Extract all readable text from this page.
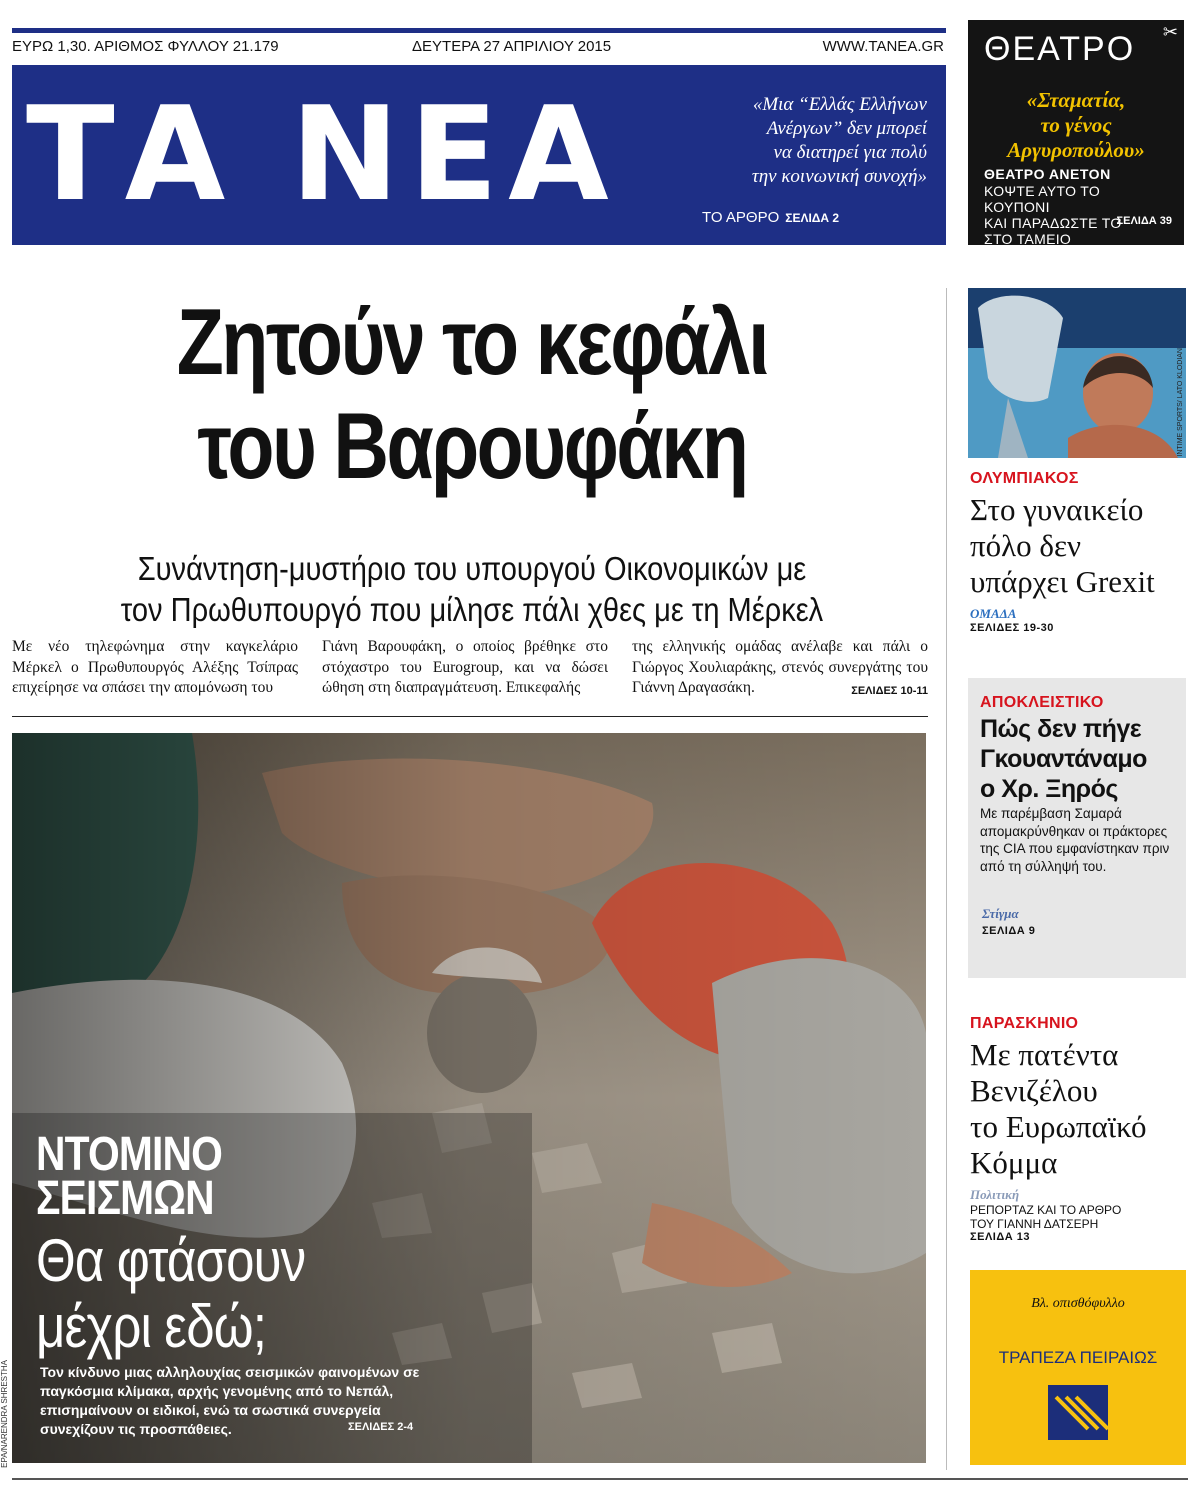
ΕΥΡΩ 1,30. ΑΡΙΘΜΟΣ ΦΥΛΛΟΥ 21.179	ΔΕΥΤΕΡΑ 27 ΑΠΡΙΛΙΟΥ 2015	WWW.TANEA.GR
ΤΑ ΝΕΑ	«Μια “Ελλάς Ελλήνων
Ανέργων” δεν μπορεί
να διατηρεί για πολύ
την κοινωνική συνοχή»
ΤΟ ΑΡΘΡΟ ΣΕΛΙΔΑ 2
ΘΕΑΤΡΟ ✂
«Σταματία,
το γένος
Αργυροπούλου»
ΘΕΑΤΡΟ ΑΝΕΤΟΝ
ΚΟΨΤΕ ΑΥΤΟ ΤΟ ΚΟΥΠΟΝΙ
ΚΑΙ ΠΑΡΑΔΩΣΤΕ ΤΟ
ΣΤΟ ΤΑΜΕΙΟ
ΣΕΛΙΔΑ 39
Ζητούν το κεφάλι
του Βαρουφάκη
Συνάντηση-μυστήριο του υπουργού Οικονομικών με
τον Πρωθυπουργό που μίλησε πάλι χθες με τη Μέρκελ
Με νέο τηλεφώνημα στην καγκελάριο Μέρκελ ο Πρωθυπουργός Αλέξης Τσίπρας επιχείρησε να σπάσει την απομόνωση του
Γιάνη Βαρουφάκη, ο οποίος βρέθηκε στο στόχαστρο του Eurogroup, και να δώσει ώθηση στη διαπραγμάτευση. Επικεφαλής
της ελληνικής ομάδας ανέλαβε και πάλι ο Γιώργος Χουλιαράκης, στενός συνεργάτης του Γιάννη Δραγασάκη.	ΣΕΛΙΔΕΣ 10-11
ΝΤΟΜΙΝΟ
ΣΕΙΣΜΩΝ
Θα φτάσουν
μέχρι εδώ;
Τον κίνδυνο μιας αλληλουχίας σεισμικών φαινομένων σε παγκόσμια κλίμακα, αρχής γενομένης από το Νεπάλ, επισημαίνουν οι ειδικοί, ενώ τα σωστικά συνεργεία συνεχίζουν τις προσπάθειες.	ΣΕΛΙΔΕΣ 2-4
EPA/NARENDRA SHRESTHA
INTIME SPORTS/ LATO KLODIAN
ΟΛΥΜΠΙΑΚΟΣ
Στο γυναικείο
πόλο δεν
υπάρχει Grexit
ΟΜΑΔΑ
ΣΕΛΙΔΕΣ 19-30
ΑΠΟΚΛΕΙΣΤΙΚΟ
Πώς δεν πήγε
Γκουαντάναμο
ο Χρ. Ξηρός
Με παρέμβαση Σαμαρά απομακρύνθηκαν οι πράκτορες της CIA που εμφανίστηκαν πριν από τη σύλληψή του.
Στίγμα
ΣΕΛΙΔΑ 9
ΠΑΡΑΣΚΗΝΙΟ
Με πατέντα
Βενιζέλου
το Ευρωπαϊκό
Κόμμα
Πολιτική
ΡΕΠΟΡΤΑΖ ΚΑΙ ΤΟ ΑΡΘΡΟ
ΤΟΥ ΓΙΑΝΝΗ ΔΑΤΣΕΡΗ
ΣΕΛΙΔΑ 13
Βλ. οπισθόφυλλο
ΤΡΑΠΕΖΑ ΠΕΙΡΑΙΩΣ
